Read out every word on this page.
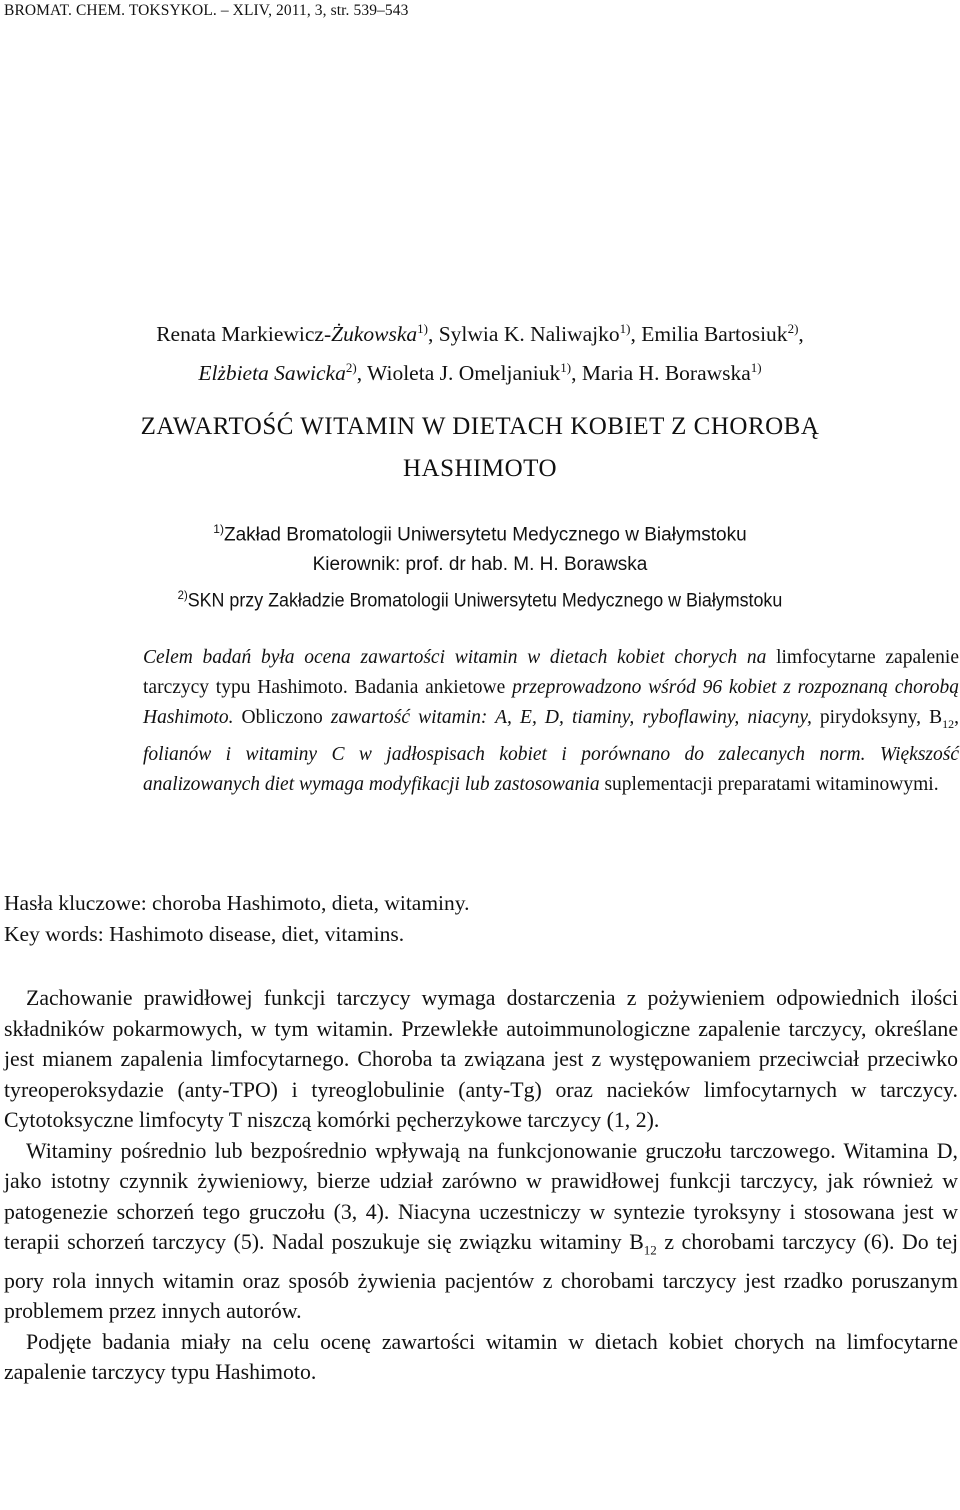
BROMAT. CHEM. TOKSYKOL. – XLIV, 2011, 3, str. 539–543
Renata Markiewicz-Żukowska$^{1)}$, Sylwia K. Naliwajko$^{1)}$, Emilia Bartosiuk$^{2)}$,
Elżbieta Sawicka$^{2)}$, Wioleta J. Omeljaniuk$^{1)}$, Maria H. Borawska$^{1)}$
ZAWARTOŚĆ WITAMIN W DIETACH KOBIET Z CHOROBĄ
HASHIMOTO
$^{1)}$Zakład Bromatologii Uniwersytetu Medycznego w Białymstoku
Kierownik: prof. dr hab. M. H. Borawska
$^{2)}$SKN przy Zakładzie Bromatologii Uniwersytetu Medycznego w Białymstoku
Celem badań była ocena zawartości witamin w dietach kobiet chorych na limfocytarne zapalenie tarczycy typu Hashimoto. Badania ankietowe przeprowadzono wśród 96 kobiet z rozpoznaną chorobą Hashimoto. Obliczono zawartość witamin: A, E, D, tiaminy, ryboflawiny, niacyny, pirydoksyny, $B_{12}$, folianów i witaminy C w jadłospisach kobiet i porównano do zalecanych norm. Większość analizowanych diet wymaga modyfikacji lub zastosowania suplementacji preparatami witaminowymi.
Hasła kluczowe: choroba Hashimoto, dieta, witaminy.
Key words: Hashimoto disease, diet, vitamins.

Zachowanie prawidłowej funkcji tarczycy wymaga dostarczenia z pożywieniem odpowiednich ilości składników pokarmowych, w tym witamin. Przewlekłe autoimmunologiczne zapalenie tarczycy, określane jest mianem zapalenia limfocytarnego. Choroba ta związana jest z występowaniem przeciwciał przeciwko tyreoperoksydazie (anty-TPO) i tyreoglobulinie (anty-Tg) oraz nacieków limfocytarnych w tarczycy. Cytotoksyczne limfocyty T niszczą komórki pęcherzykowe tarczycy (1, 2).

Witaminy pośrednio lub bezpośrednio wpływają na funkcjonowanie gruczołu tarczowego. Witamina D, jako istotny czynnik żywieniowy, bierze udział zarówno w prawidłowej funkcji tarczycy, jak również w patogenezie schorzeń tego gruczołu (3, 4). Niacyna uczestniczy w syntezie tyroksyny i stosowana jest w terapii schorzeń tarczycy (5). Nadal poszukuje się związku witaminy $B_{12}$ z chorobami tarczycy (6). Do tej pory rola innych witamin oraz sposób żywienia pacjentów z chorobami tarczycy jest rzadko poruszanym problemem przez innych autorów.

Podjęte badania miały na celu ocenę zawartości witamin w dietach kobiet chorych na limfocytarne zapalenie tarczycy typu Hashimoto.
